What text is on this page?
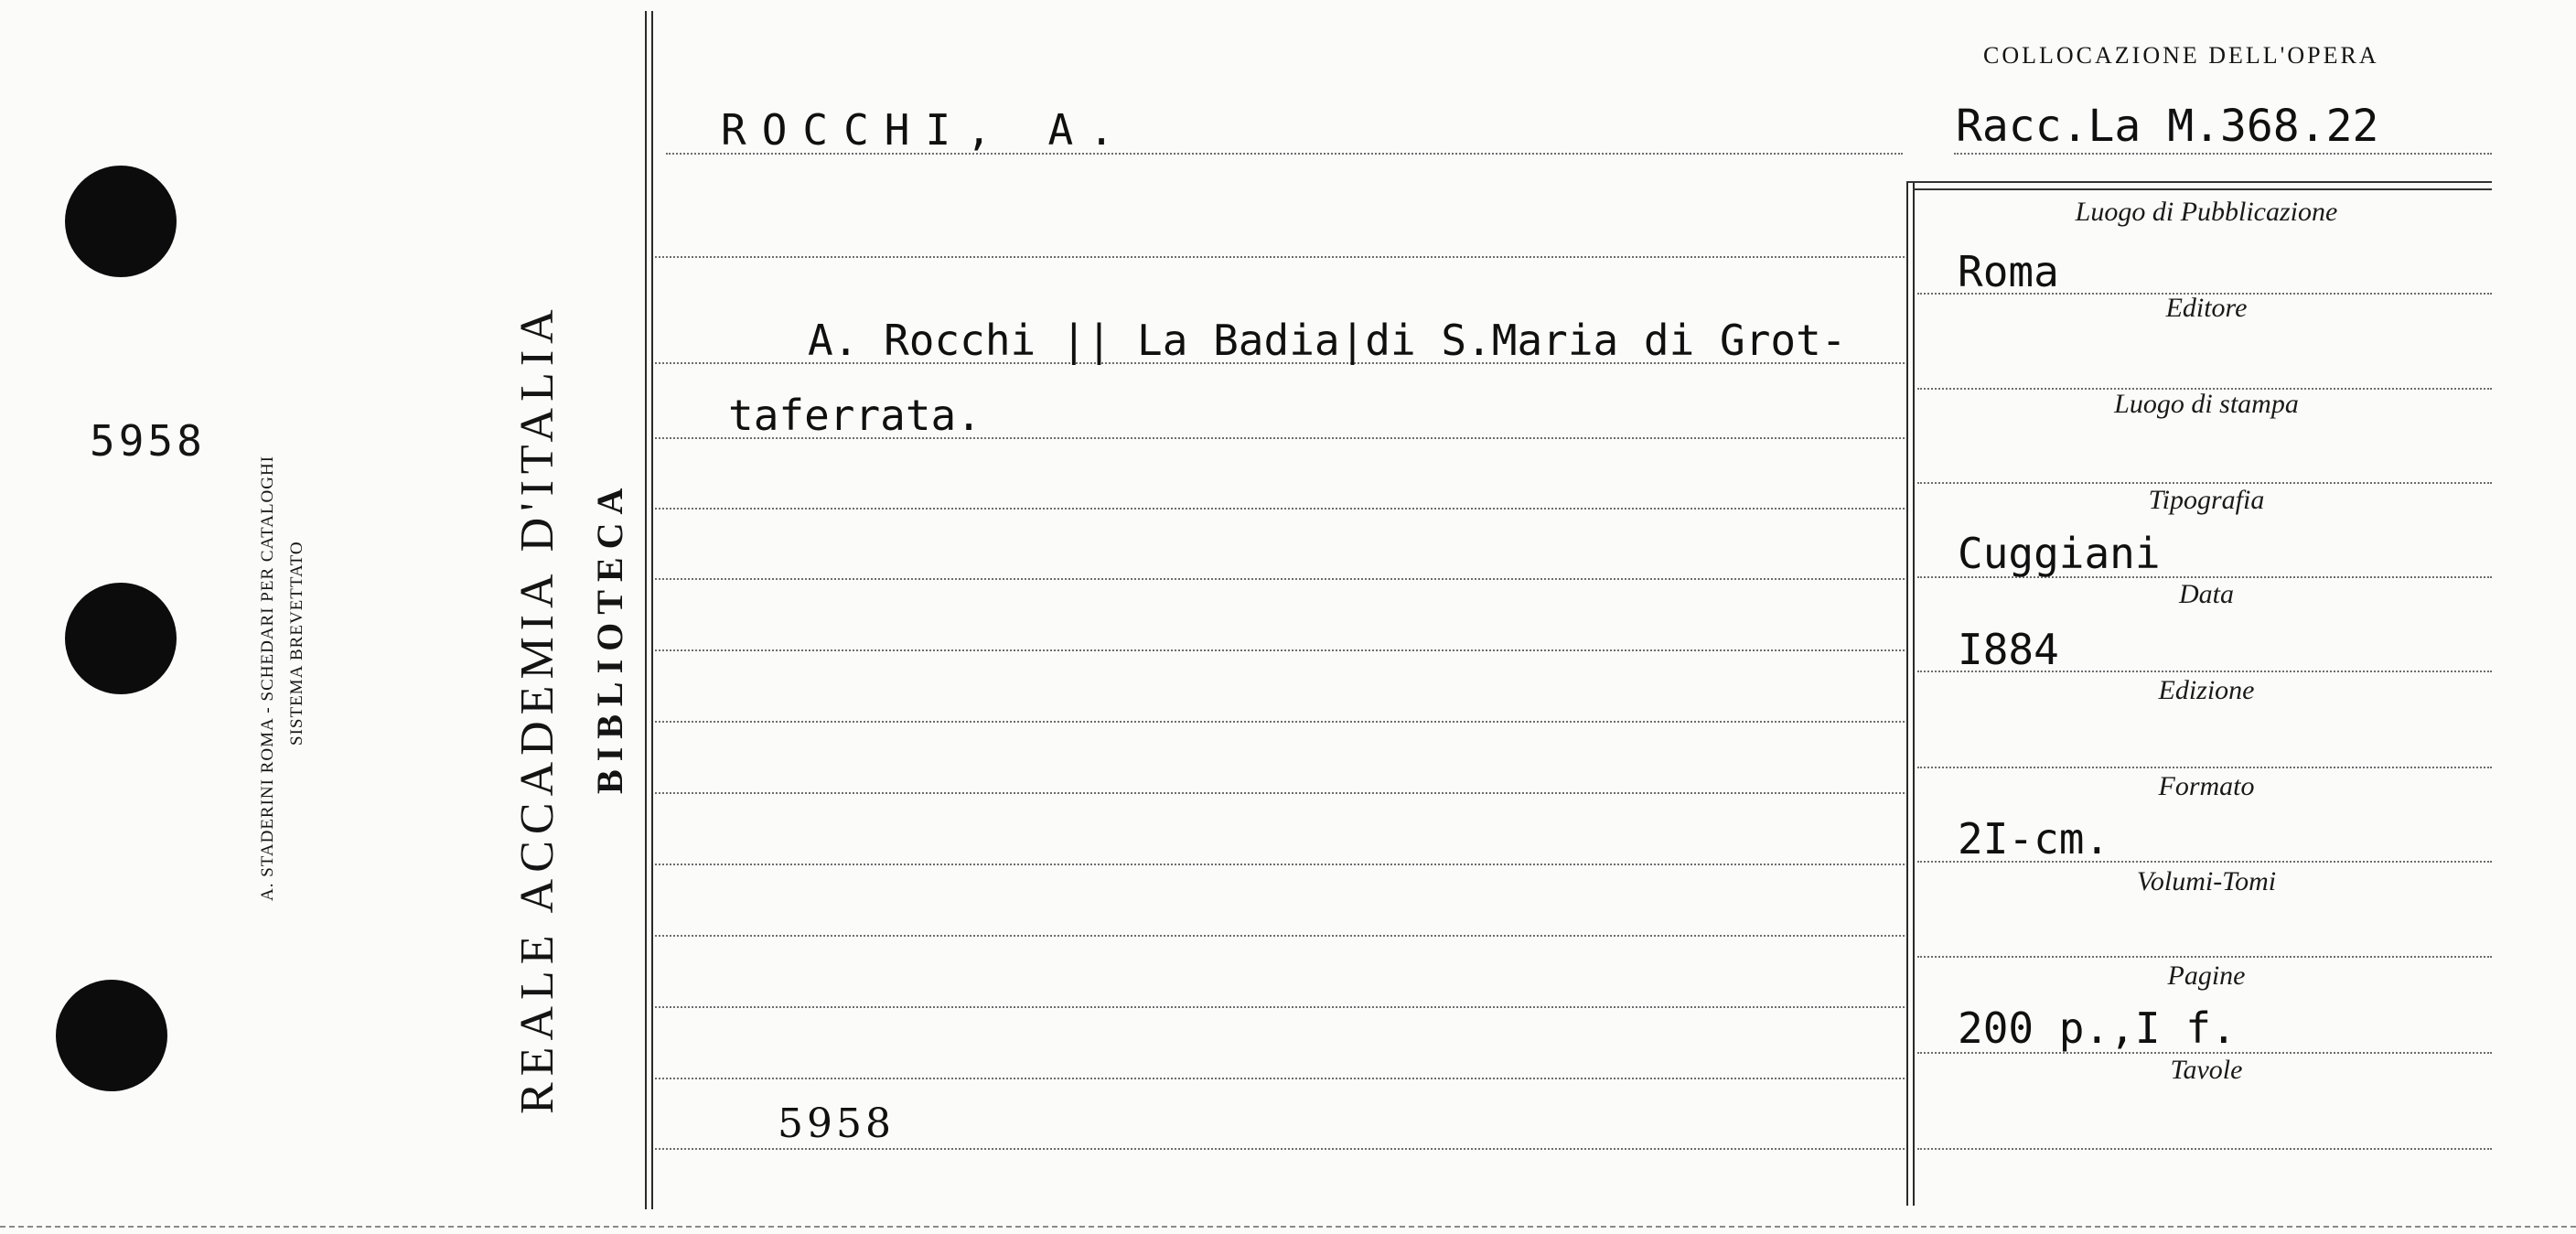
5958
A. STADERINI ROMA - SCHEDARI PER CATALOGHI SISTEMA BREVETTATO	REALE ACCADEMIA D'ITALIA BIBLIOTECA
COLLOCAZIONE DELL'OPERA
ROCCHI, A.	Racc.La M.368.22
A. Rocchi || La Badia|di S.Maria di Grot-
taferrata.
5958
Luogo di Pubblicazione
Editore
Luogo di stampa
Tipografia
Data
Edizione
Formato
Volumi-Tomi
Pagine
Tavole
Roma
Cuggiani
I884
2I-cm.
200 p.,I f.
